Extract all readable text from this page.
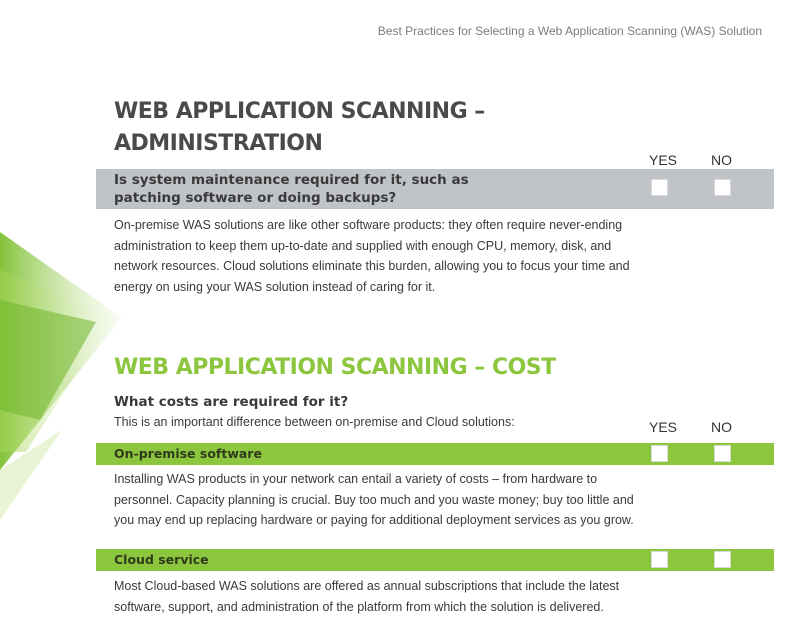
Best Practices for Selecting a Web Application Scanning (WAS) Solution
WEB APPLICATION SCANNING – ADMINISTRATION
YES NO

Is system maintenance required for it, such as patching software or doing backups?

On-premise WAS solutions are like other software products: they often require never-ending administration to keep them up-to-date and supplied with enough CPU, memory, disk, and network resources. Cloud solutions eliminate this burden, allowing you to focus your time and energy on using your WAS solution instead of caring for it.

WEB APPLICATION SCANNING – COST

What costs are required for it?

This is an important difference between on-premise and Cloud solutions:	YES NO
On-premise software

Installing WAS products in your network can entail a variety of costs – from hardware to personnel. Capacity planning is crucial. Buy too much and you waste money; buy too little and you may end up replacing hardware or paying for additional deployment services as you grow.

Cloud service

Most Cloud-based WAS solutions are offered as annual subscriptions that include the latest software, support, and administration of the platform from which the solution is delivered.
